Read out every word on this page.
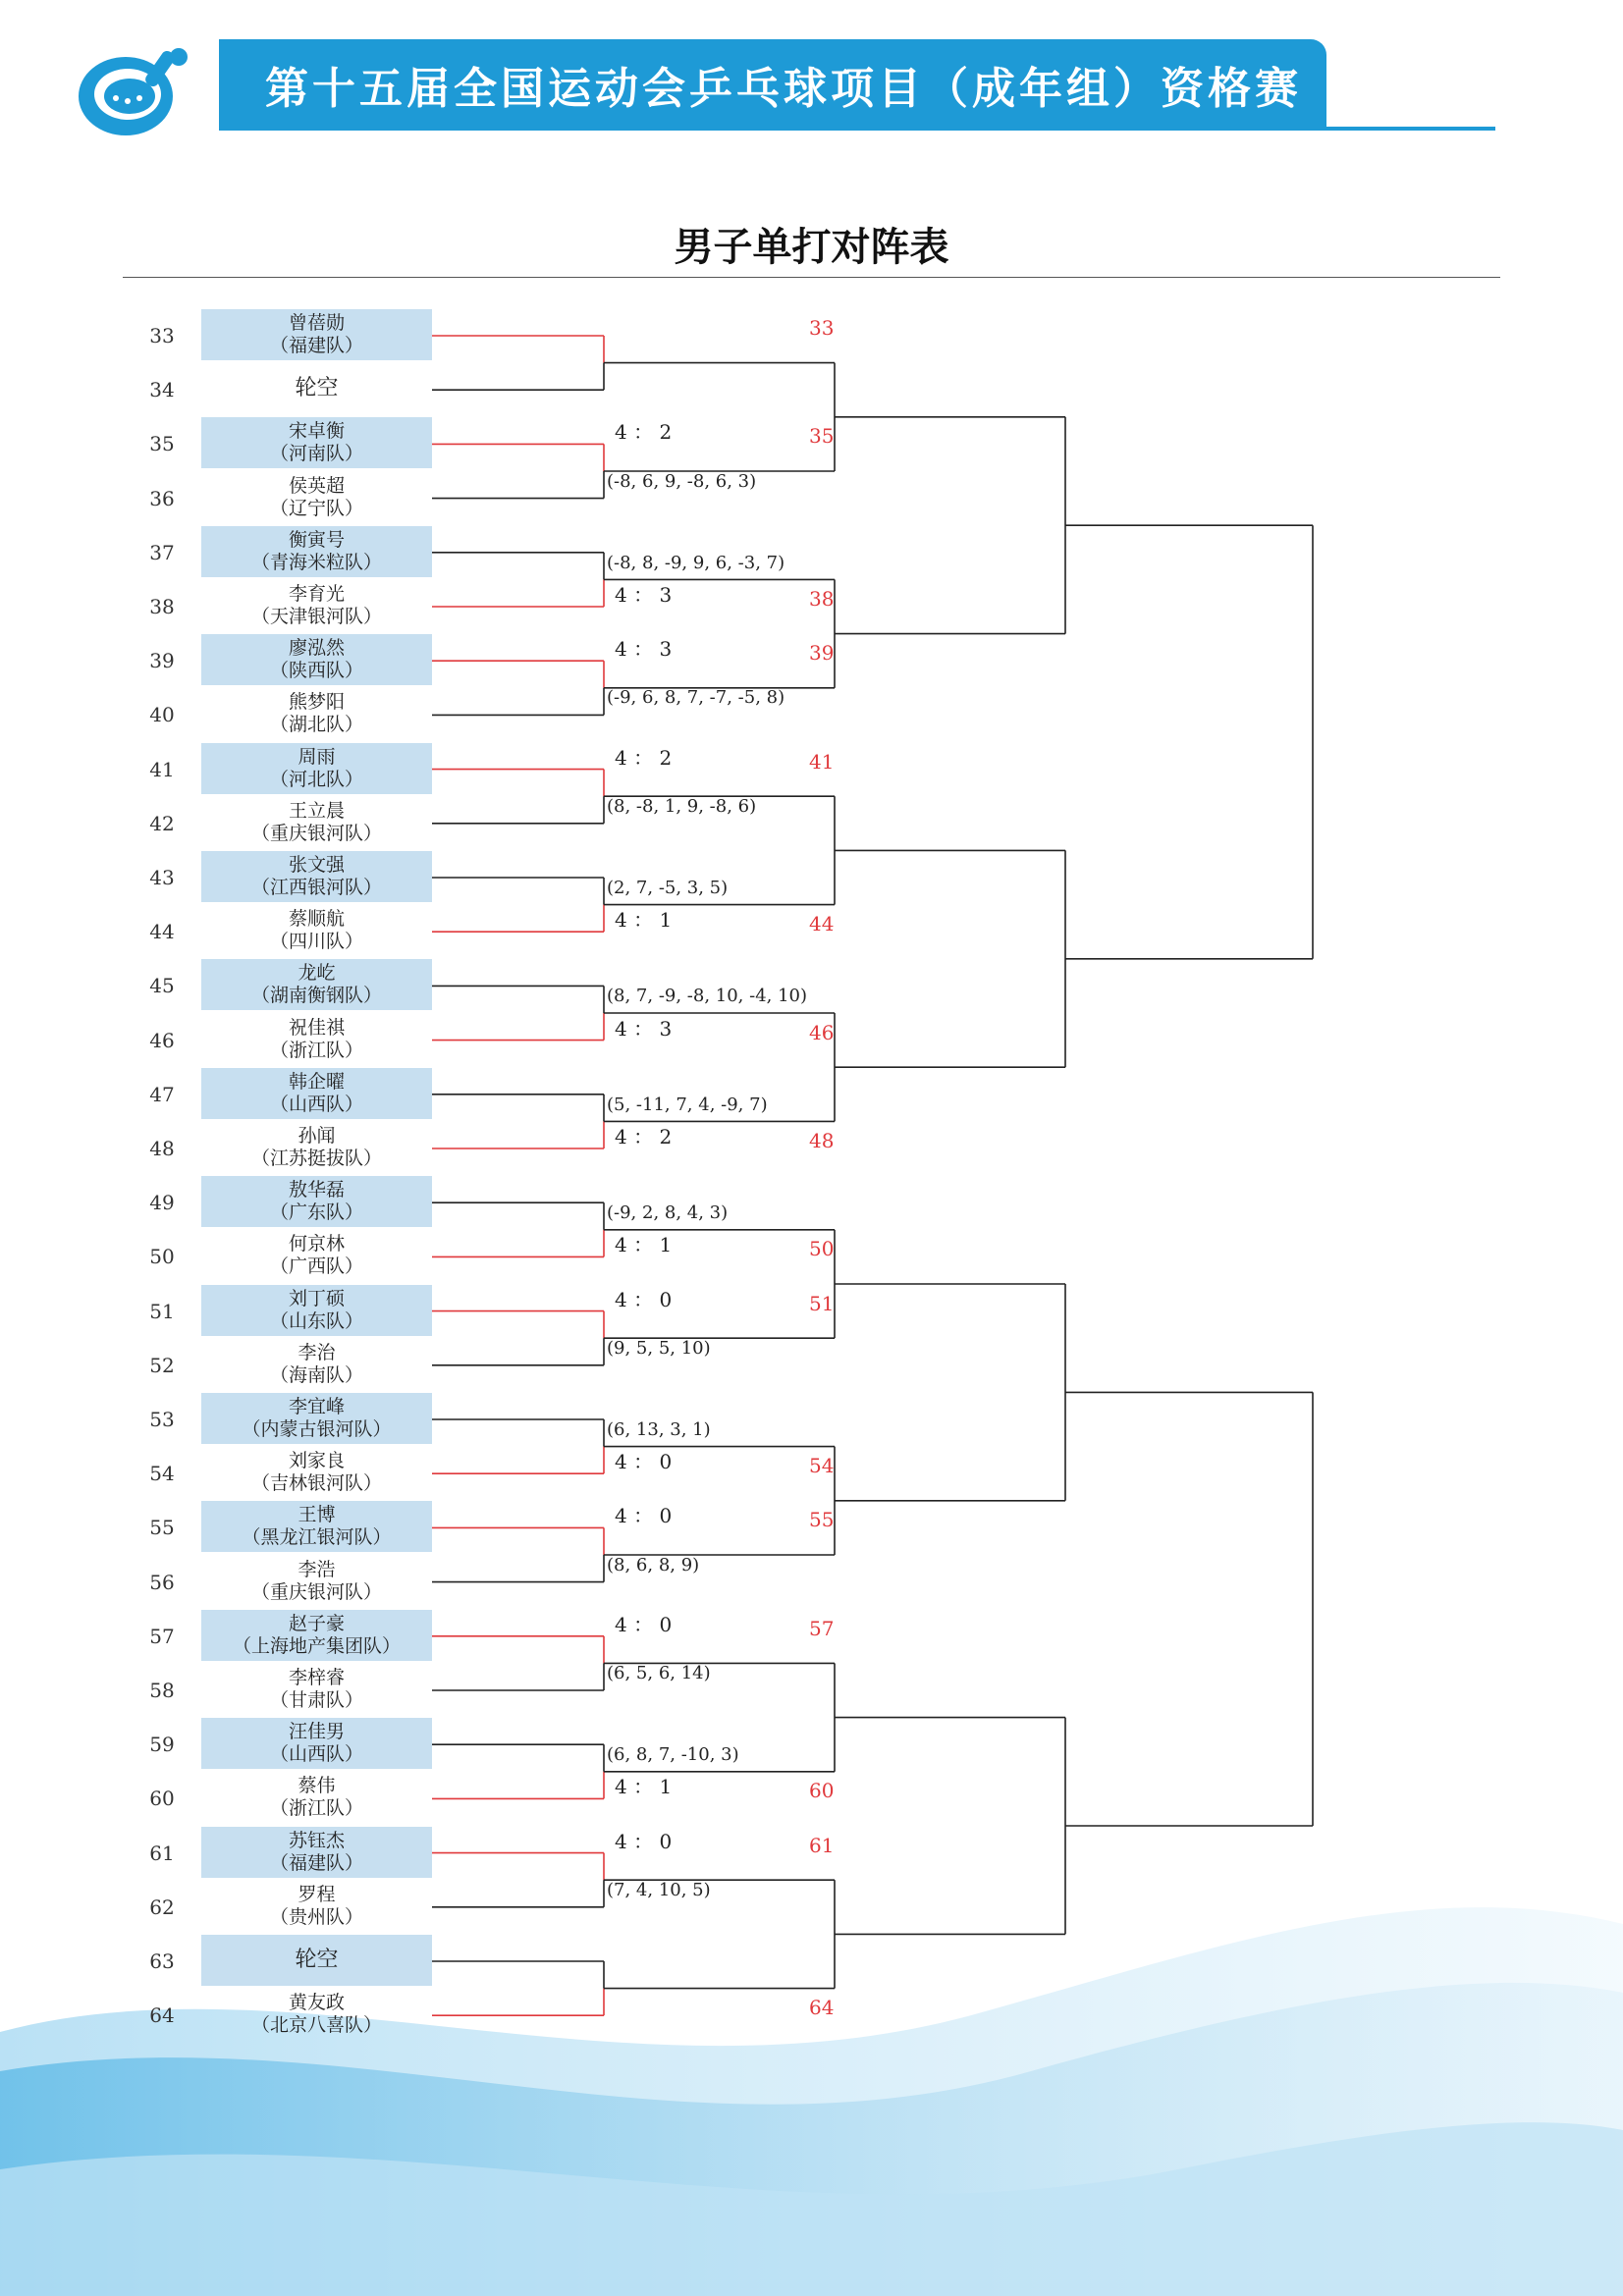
第十五届全国运动会乒乓球项目（成年组）资格赛
男子单打对阵表
33
曾蓓勋
（福建队）
34	轮空
35
宋卓衡
（河南队）
36
侯英超
（辽宁队）
37
衡寅号
（青海米粒队）
38
李育光
（天津银河队）
39
廖泓然
（陕西队）
40
熊梦阳
（湖北队）
41
周雨
（河北队）
42
王立晨
（重庆银河队）
43
张文强
（江西银河队）
44
蔡顺航
（四川队）
45
龙屹
（湖南衡钢队）
46
祝佳祺
（浙江队）
47
韩企曜
（山西队）
48
孙闻
（江苏挺拔队）
49
敖华磊
（广东队）
50
何京林
（广西队）
51
刘丁硕
（山东队）
52
李治
（海南队）
53
李宜峰
（内蒙古银河队）
54
刘家良
（吉林银河队）
55
王博
（黑龙江银河队）
56
李浩
（重庆银河队）
57
赵子豪
（上海地产集团队）
58
李梓睿
（甘肃队）
59
汪佳男
（山西队）
60
蔡伟
（浙江队）
61
苏钰杰
（福建队）
62
罗程
（贵州队）
63	轮空
64
黄友政
（北京八喜队）
33
4 ： 2
(-8, 6, 9, -8, 6, 3)
35
4 ： 3
(-8, 8, -9, 9, 6, -3, 7)
38
4 ： 3
(-9, 6, 8, 7, -7, -5, 8)
39
4 ： 2
(8, -8, 1, 9, -8, 6)
41
4 ： 1
(2, 7, -5, 3, 5)
44
4 ： 3
(8, 7, -9, -8, 10, -4, 10)
46
4 ： 2
(5, -11, 7, 4, -9, 7)
48
4 ： 1
(-9, 2, 8, 4, 3)
50
4 ： 0
(9, 5, 5, 10)
51
4 ： 0
(6, 13, 3, 1)
54
4 ： 0
(8, 6, 8, 9)
55
4 ： 0
(6, 5, 6, 14)
57
4 ： 1
(6, 8, 7, -10, 3)
60
4 ： 0
(7, 4, 10, 5)
61
64
